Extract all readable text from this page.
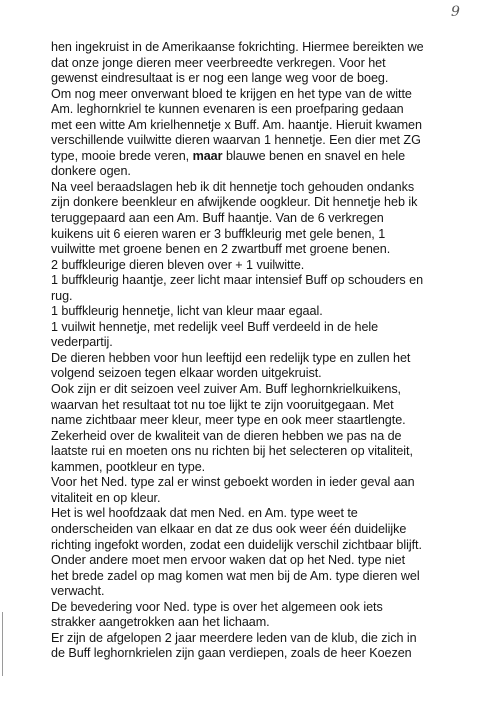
9
hen ingekruist in de Amerikaanse fokrichting. Hiermee bereikten we
dat onze jonge dieren meer veerbreedte verkregen. Voor het
gewenst eindresultaat is er nog een lange weg voor de boeg.
Om nog meer onverwant bloed te krijgen en het type van de witte
Am. leghornkriel te kunnen evenaren is een proefparing gedaan
met een witte Am krielhennetje x Buff. Am. haantje. Hieruit kwamen
verschillende vuilwitte dieren waarvan 1 hennetje. Een dier met ZG
type, mooie brede veren, maar blauwe benen en snavel en hele
donkere ogen.
Na veel beraadslagen heb ik dit hennetje toch gehouden ondanks
zijn donkere beenkleur en afwijkende oogkleur. Dit hennetje heb ik
teruggepaard aan een Am. Buff haantje. Van de 6 verkregen
kuikens uit 6 eieren waren er 3 buffkleurig met gele benen, 1
vuilwitte met groene benen en 2 zwartbuff met groene benen.
2 buffkleurige dieren bleven over + 1 vuilwitte.
1 buffkleurig haantje, zeer licht maar intensief Buff op schouders en
rug.
1 buffkleurig hennetje, licht van kleur maar egaal.
1 vuilwit hennetje, met redelijk veel Buff verdeeld in de hele
vederpartij.
De dieren hebben voor hun leeftijd een redelijk type en zullen het
volgend seizoen tegen elkaar worden uitgekruist.
Ook zijn er dit seizoen veel zuiver Am. Buff leghornkrielkuikens,
waarvan het resultaat tot nu toe lijkt te zijn vooruitgegaan. Met
name zichtbaar meer kleur, meer type en ook meer staartlengte.
Zekerheid over de kwaliteit van de dieren hebben we pas na de
laatste rui en moeten ons nu richten bij het selecteren op vitaliteit,
kammen, pootkleur en type.
Voor het Ned. type zal er winst geboekt worden in ieder geval aan
vitaliteit en op kleur.
Het is wel hoofdzaak dat men Ned. en Am. type weet te
onderscheiden van elkaar en dat ze dus ook weer één duidelijke
richting ingefokt worden, zodat een duidelijk verschil zichtbaar blijft.
Onder andere moet men ervoor waken dat op het Ned. type niet
het brede zadel op mag komen wat men bij de Am. type dieren wel
verwacht.
De bevedering voor Ned. type is over het algemeen ook iets
strakker aangetrokken aan het lichaam.
Er zijn de afgelopen 2 jaar meerdere leden van de klub, die zich in
de Buff leghornkrielen zijn gaan verdiepen, zoals de heer Koezen
